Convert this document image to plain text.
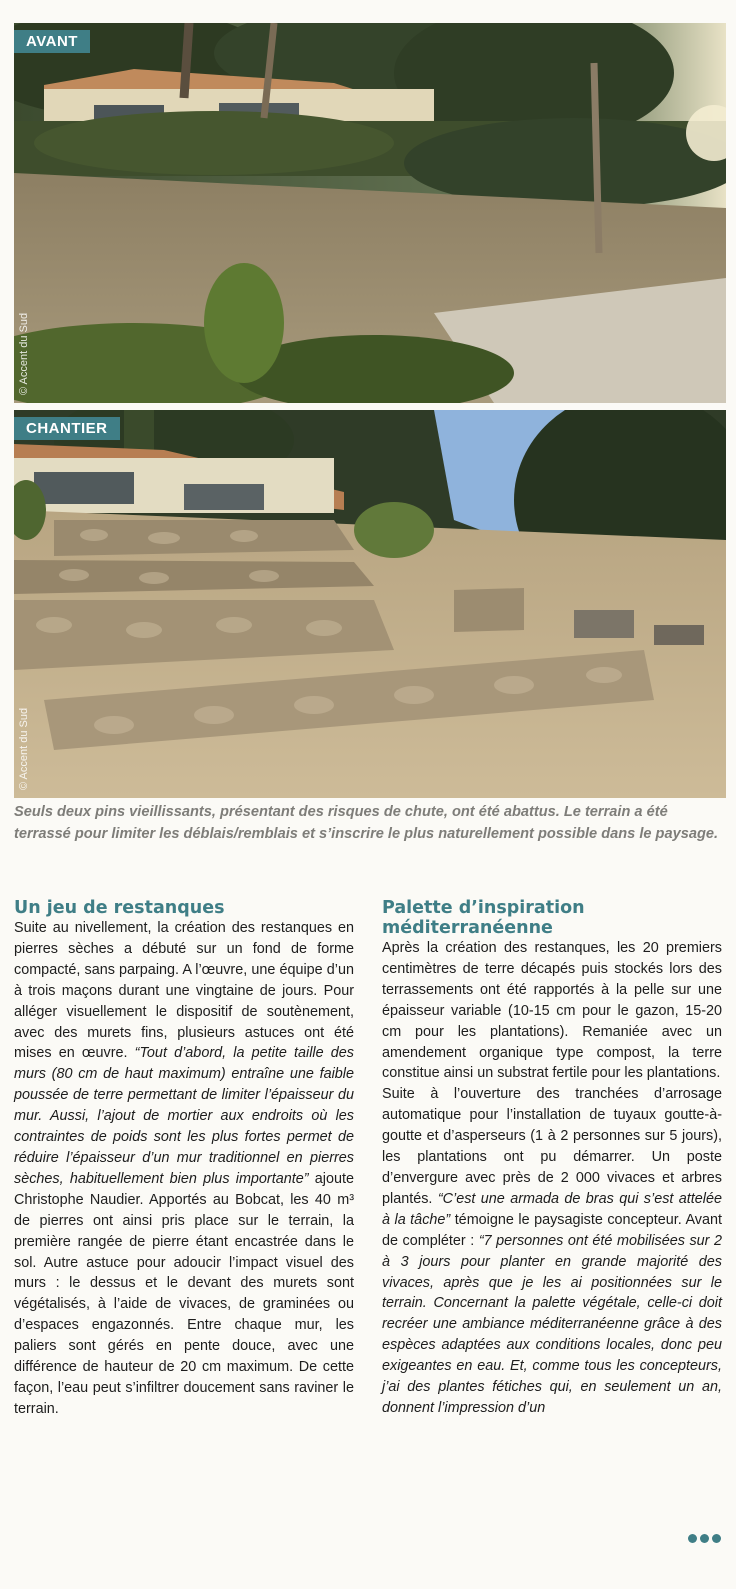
AVANT
© Accent du Sud
CHANTIER
© Accent du Sud

Seuls deux pins vieillissants, présentant des risques de chute, ont été abattus. Le terrain a été terrassé pour limiter les déblais/remblais et s’inscrire le plus naturellement possible dans le paysage.

Un jeu de restanques

Suite au nivellement, la création des restanques en pierres sèches a débuté sur un fond de forme compacté, sans parpaing. A l’œuvre, une équipe d’un à trois maçons durant une vingtaine de jours. Pour alléger visuellement le dispositif de soutènement, avec des murets fins, plusieurs astuces ont été mises en œuvre. “Tout d’abord, la petite taille des murs (80 cm de haut maximum) entraîne une faible poussée de terre permettant de limiter l’épaisseur du mur. Aussi, l’ajout de mortier aux endroits où les contraintes de poids sont les plus fortes permet de réduire l’épaisseur d’un mur traditionnel en pierres sèches, habituellement bien plus importante” ajoute Christophe Naudier. Apportés au Bobcat, les 40 m³ de pierres ont ainsi pris place sur le terrain, la première rangée de pierre étant encastrée dans le sol. Autre astuce pour adoucir l’impact visuel des murs : le dessus et le devant des murets sont végétalisés, à l’aide de vivaces, de graminées ou d’espaces engazonnés. Entre chaque mur, les paliers sont gérés en pente douce, avec une différence de hauteur de 20 cm maximum. De cette façon, l’eau peut s’infiltrer doucement sans raviner le terrain.

Palette d’inspiration méditerranéenne

Après la création des restanques, les 20 premiers centimètres de terre décapés puis stockés lors des terrassements ont été rapportés à la pelle sur une épaisseur variable (10-15 cm pour le gazon, 15-20 cm pour les plantations). Remaniée avec un amendement organique type compost, la terre constitue ainsi un substrat fertile pour les plantations.

Suite à l’ouverture des tranchées d’arrosage automatique pour l’installation de tuyaux goutte-à-goutte et d’asperseurs (1 à 2 personnes sur 5 jours), les plantations ont pu démarrer. Un poste d’envergure avec près de 2 000 vivaces et arbres plantés. “C’est une armada de bras qui s’est attelée à la tâche” témoigne le paysagiste concepteur. Avant de compléter : “7 personnes ont été mobilisées sur 2 à 3 jours pour planter en grande majorité des vivaces, après que je les ai positionnées sur le terrain. Concernant la palette végétale, celle-ci doit recréer une ambiance méditerranéenne grâce à des espèces adaptées aux conditions locales, donc peu exigeantes en eau. Et, comme tous les concepteurs, j’ai des plantes fétiches qui, en seulement un an, donnent l’impression d’un
